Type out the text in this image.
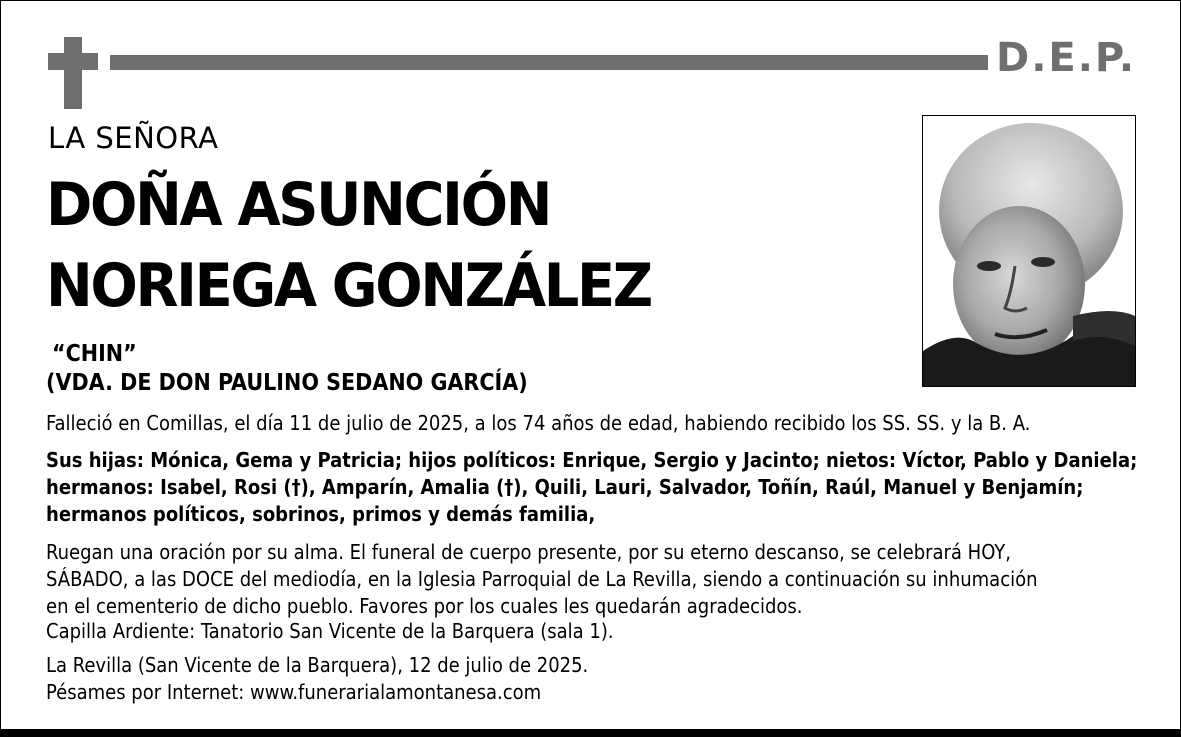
D.E.P.
LA SEÑORA
DOÑA ASUNCIÓN
NORIEGA GONZÁLEZ
“CHIN”
(VDA. DE DON PAULINO SEDANO GARCÍA)
Falleció en Comillas, el día 11 de julio de 2025, a los 74 años de edad, habiendo recibido los SS. SS. y la B. A.
Sus hijas: Mónica, Gema y Patricia; hijos políticos: Enrique, Sergio y Jacinto; nietos: Víctor, Pablo y Daniela;
hermanos: Isabel, Rosi (†), Amparín, Amalia (†), Quili, Lauri, Salvador, Toñín, Raúl, Manuel y Benjamín;
hermanos políticos, sobrinos, primos y demás familia,
Ruegan una oración por su alma. El funeral de cuerpo presente, por su eterno descanso, se celebrará HOY,
SÁBADO, a las DOCE del mediodía, en la Iglesia Parroquial de La Revilla, siendo a continuación su inhumación
en el cementerio de dicho pueblo. Favores por los cuales les quedarán agradecidos.
Capilla Ardiente: Tanatorio San Vicente de la Barquera (sala 1).
La Revilla (San Vicente de la Barquera), 12 de julio de 2025.
Pésames por Internet: www.funerarialamontanesa.com
